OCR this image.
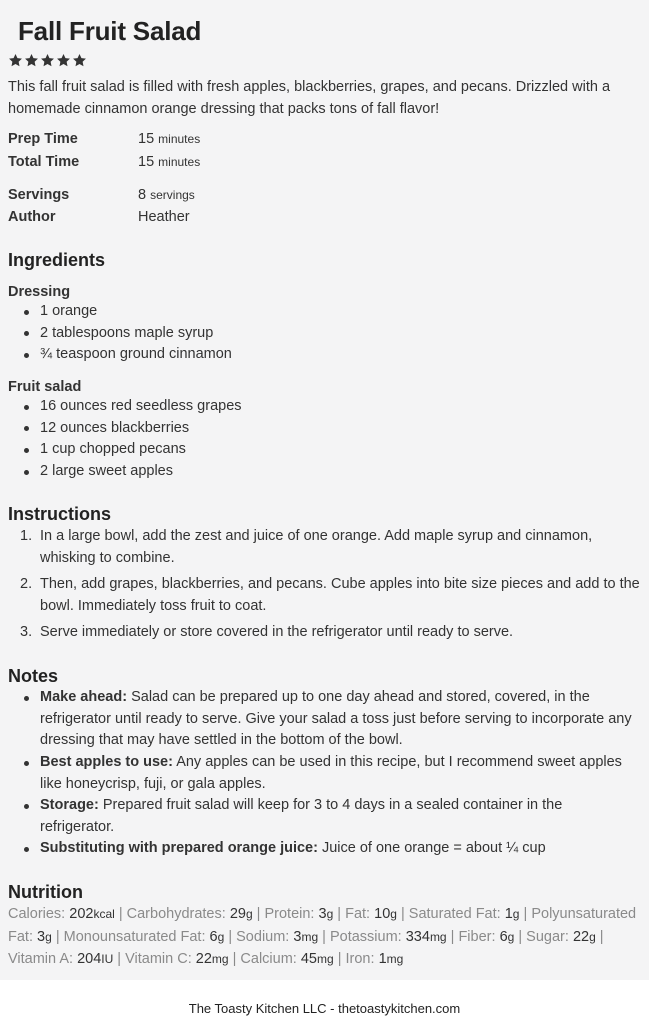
Fall Fruit Salad

This fall fruit salad is filled with fresh apples, blackberries, grapes, and pecans. Drizzled with a homemade cinnamon orange dressing that packs tons of fall flavor!

Prep Time	15 minutes
Total Time	15 minutes
Servings	8 servings
Author	Heather
Ingredients
Dressing
1 orange
2 tablespoons maple syrup
¾ teaspoon ground cinnamon
Fruit salad
16 ounces red seedless grapes
12 ounces blackberries
1 cup chopped pecans
2 large sweet apples
Instructions
1. In a large bowl, add the zest and juice of one orange. Add maple syrup and cinnamon, whisking to combine.
2. Then, add grapes, blackberries, and pecans. Cube apples into bite size pieces and add to the bowl. Immediately toss fruit to coat.
3. Serve immediately or store covered in the refrigerator until ready to serve.
Notes
Make ahead: Salad can be prepared up to one day ahead and stored, covered, in the refrigerator until ready to serve. Give your salad a toss just before serving to incorporate any dressing that may have settled in the bottom of the bowl.
Best apples to use: Any apples can be used in this recipe, but I recommend sweet apples like honeycrisp, fuji, or gala apples.
Storage: Prepared fruit salad will keep for 3 to 4 days in a sealed container in the refrigerator.
Substituting with prepared orange juice: Juice of one orange = about ¼ cup
Nutrition

Calories: 202kcal | Carbohydrates: 29g | Protein: 3g | Fat: 10g | Saturated Fat: 1g | Polyunsaturated Fat: 3g | Monounsaturated Fat: 6g | Sodium: 3mg | Potassium: 334mg | Fiber: 6g | Sugar: 22g | Vitamin A: 204IU | Vitamin C: 22mg | Calcium: 45mg | Iron: 1mg

The Toasty Kitchen LLC - thetoastykitchen.com
